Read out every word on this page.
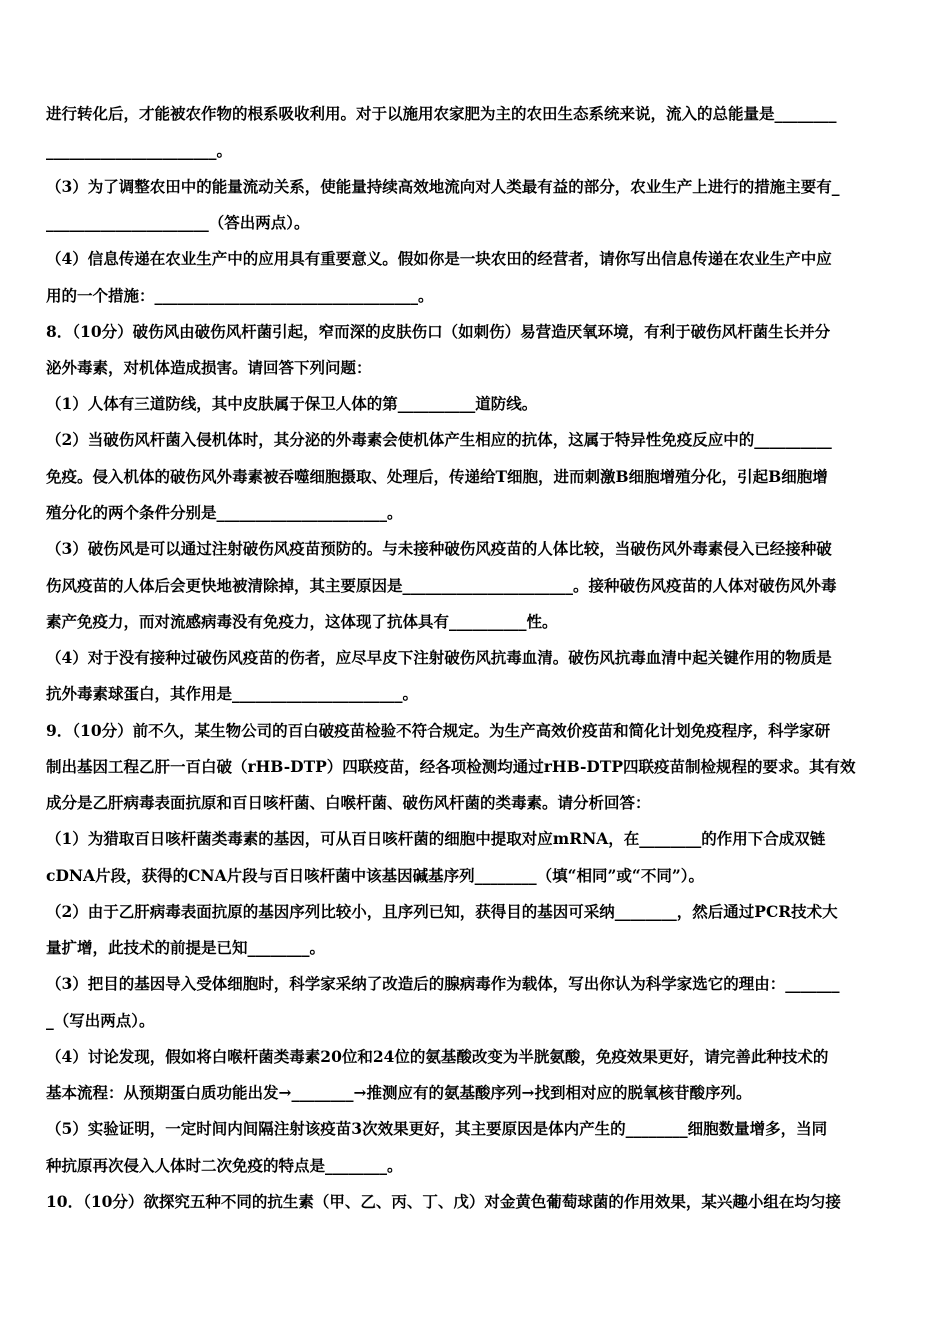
进行转化后，才能被农作物的根系吸收利用。对于以施用农家肥为主的农田生态系统来说，流入的总能量是________
______________________。
（3）为了调整农田中的能量流动关系，使能量持续高效地流向对人类最有益的部分，农业生产上进行的措施主要有_
_____________________（答出两点）。
（4）信息传递在农业生产中的应用具有重要意义。假如你是一块农田的经营者，请你写出信息传递在农业生产中应
用的一个措施：__________________________________。
8．（10分）破伤风由破伤风杆菌引起，窄而深的皮肤伤口（如刺伤）易营造厌氧环境，有利于破伤风杆菌生长并分
泌外毒素，对机体造成损害。请回答下列问题：
（1）人体有三道防线，其中皮肤属于保卫人体的第__________道防线。
（2）当破伤风杆菌入侵机体时，其分泌的外毒素会使机体产生相应的抗体，这属于特异性免疫反应中的__________
免疫。侵入机体的破伤风外毒素被吞噬细胞摄取、处理后，传递给T细胞，进而刺激B细胞增殖分化，引起B细胞增
殖分化的两个条件分别是______________________。
（3）破伤风是可以通过注射破伤风疫苗预防的。与未接种破伤风疫苗的人体比较，当破伤风外毒素侵入已经接种破
伤风疫苗的人体后会更快地被清除掉，其主要原因是______________________。接种破伤风疫苗的人体对破伤风外毒
素产免疫力，而对流感病毒没有免疫力，这体现了抗体具有__________性。
（4）对于没有接种过破伤风疫苗的伤者，应尽早皮下注射破伤风抗毒血清。破伤风抗毒血清中起关键作用的物质是
抗外毒素球蛋白，其作用是______________________。
9．（10分）前不久，某生物公司的百白破疫苗检验不符合规定。为生产高效价疫苗和简化计划免疫程序，科学家研
制出基因工程乙肝一百白破（rHB-DTP）四联疫苗，经各项检测均通过rHB-DTP四联疫苗制检规程的要求。其有效
成分是乙肝病毒表面抗原和百日咳杆菌、白喉杆菌、破伤风杆菌的类毒素。请分析回答：
（1）为猎取百日咳杆菌类毒素的基因，可从百日咳杆菌的细胞中提取对应mRNA，在________的作用下合成双链
cDNA片段，获得的CNA片段与百日咳杆菌中该基因碱基序列________（填“相同”或“不同”）。
（2）由于乙肝病毒表面抗原的基因序列比较小，且序列已知，获得目的基因可采纳________，然后通过PCR技术大
量扩增，此技术的前提是已知________。
（3）把目的基因导入受体细胞时，科学家采纳了改造后的腺病毒作为载体，写出你认为科学家选它的理由：_______
_（写出两点）。
（4）讨论发现，假如将白喉杆菌类毒素20位和24位的氨基酸改变为半胱氨酸，免疫效果更好，请完善此种技术的
基本流程：从预期蛋白质功能出发→________→推测应有的氨基酸序列→找到相对应的脱氧核苷酸序列。
（5）实验证明，一定时间内间隔注射该疫苗3次效果更好，其主要原因是体内产生的________细胞数量增多，当同
种抗原再次侵入人体时二次免疫的特点是________。
10．（10分）欲探究五种不同的抗生素（甲、乙、丙、丁、戊）对金黄色葡萄球菌的作用效果，某兴趣小组在均匀接
